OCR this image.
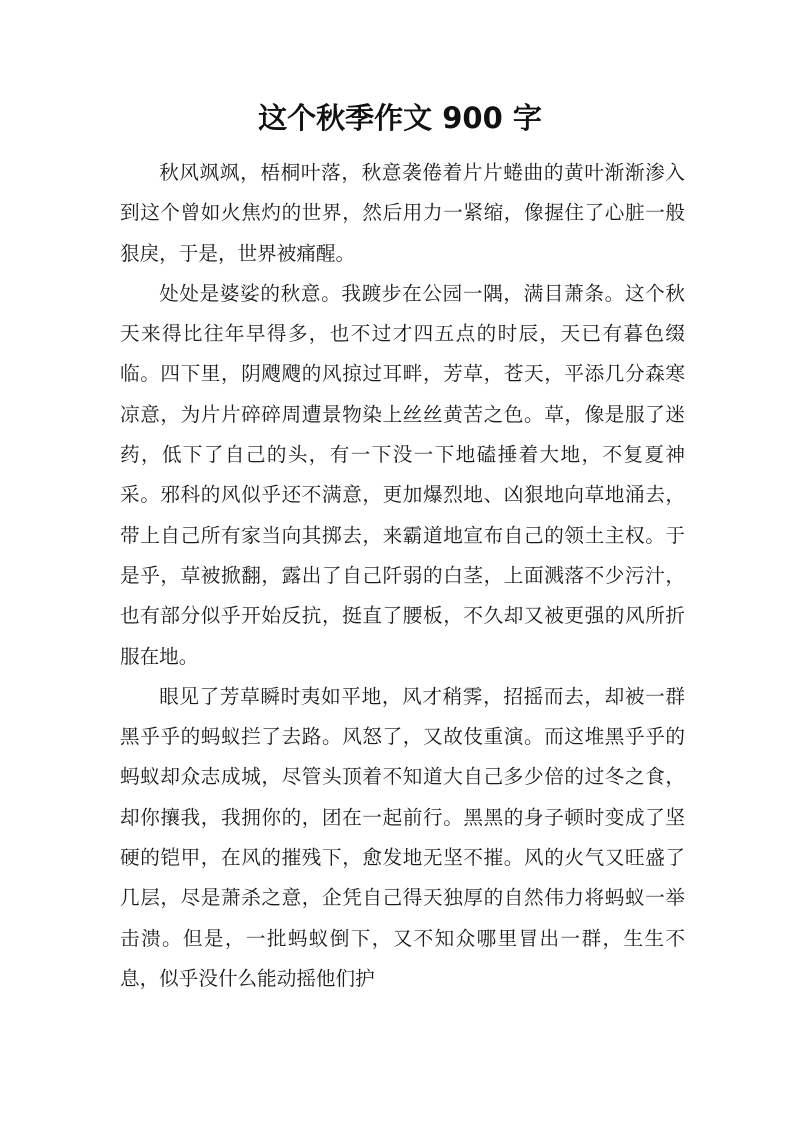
这个秋季作文 900 字

秋风飒飒，梧桐叶落，秋意袭倦着片片蜷曲的黄叶渐渐渗入到这个曾如火焦灼的世界，然后用力一紧缩，像握住了心脏一般狠戾，于是，世界被痛醒。

处处是婆娑的秋意。我踱步在公园一隅，满目萧条。这个秋天来得比往年早得多，也不过才四五点的时辰，天已有暮色缀临。四下里，阴飕飕的风掠过耳畔，芳草，苍天，平添几分森寒凉意，为片片碎碎周遭景物染上丝丝黄苦之色。草，像是服了迷药，低下了自己的头，有一下没一下地磕捶着大地，不复夏神采。邪科的风似乎还不满意，更加爆烈地、凶狠地向草地涌去，带上自己所有家当向其掷去，来霸道地宣布自己的领土主权。于是乎，草被掀翻，露出了自己阡弱的白茎，上面溅落不少污汁，也有部分似乎开始反抗，挺直了腰板，不久却又被更强的风所折服在地。

眼见了芳草瞬时夷如平地，风才稍霁，招摇而去，却被一群黑乎乎的蚂蚁拦了去路。风怒了，又故伎重演。而这堆黑乎乎的蚂蚁却众志成城，尽管头顶着不知道大自己多少倍的过冬之食，却你攘我，我拥你的，团在一起前行。黑黑的身子顿时变成了坚硬的铠甲，在风的摧残下，愈发地无坚不摧。风的火气又旺盛了几层，尽是萧杀之意，企凭自己得天独厚的自然伟力将蚂蚁一举击溃。但是，一批蚂蚁倒下，又不知众哪里冒出一群，生生不息，似乎没什么能动摇他们护
